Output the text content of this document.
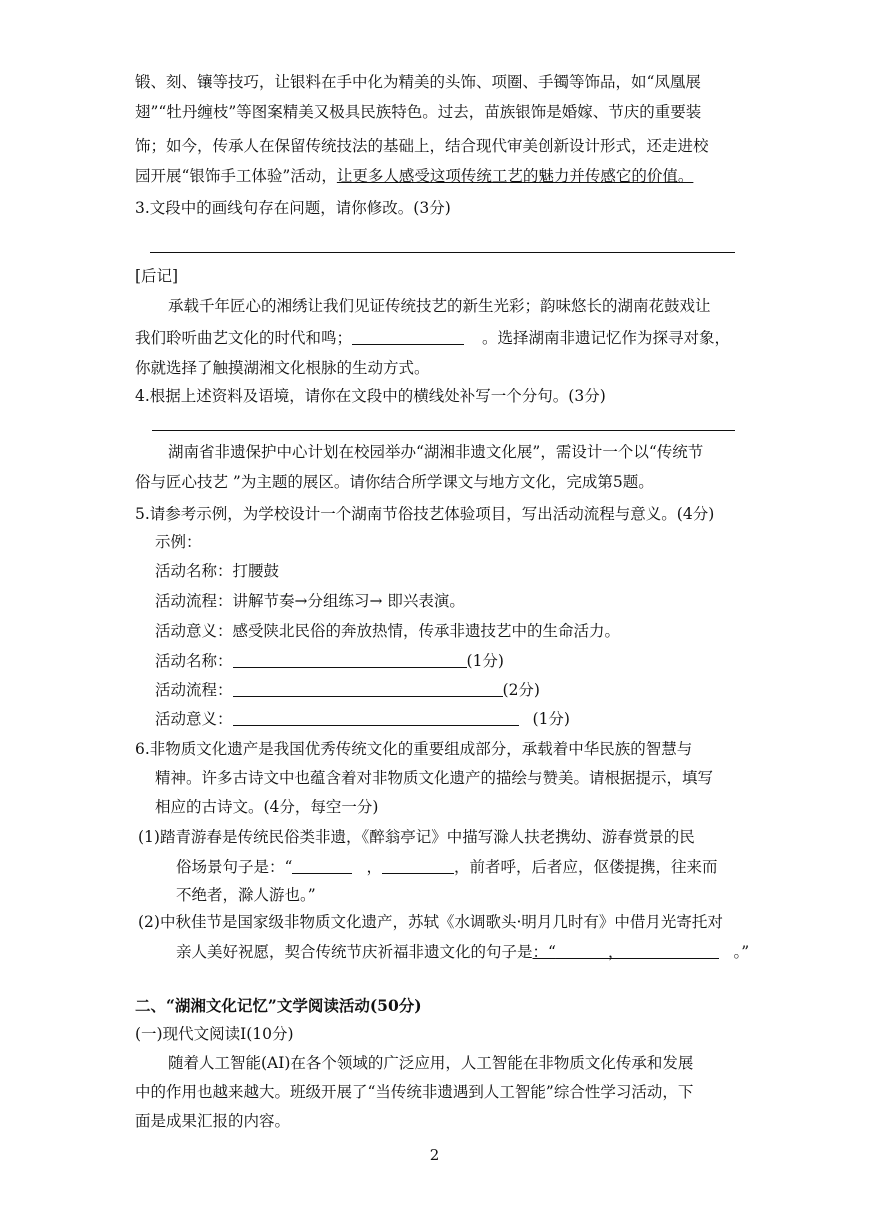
锻、刻、镶等技巧，让银料在手中化为精美的头饰、项圈、手镯等饰品，如“凤凰展
翅”“牡丹缠枝”等图案精美又极具民族特色。过去，苗族银饰是婚嫁、节庆的重要装
饰；如今，传承人在保留传统技法的基础上，结合现代审美创新设计形式，还走进校
园开展“银饰手工体验”活动，让更多人感受这项传统工艺的魅力并传感它的价值。
3.文段中的画线句存在问题，请你修改。(3分)
[后记]
承载千年匠心的湘绣让我们见证传统技艺的新生光彩；韵味悠长的湖南花鼓戏让
我们聆听曲艺文化的时代和鸣；	。选择湖南非遗记忆作为探寻对象，
你就选择了触摸湖湘文化根脉的生动方式。
4.根据上述资料及语境，请你在文段中的横线处补写一个分句。(3分)
湖南省非遗保护中心计划在校园举办“湖湘非遗文化展”，需设计一个以“传统节
俗与匠心技艺 ”为主题的展区。请你结合所学课文与地方文化，完成第5题。
5.请参考示例，为学校设计一个湖南节俗技艺体验项目，写出活动流程与意义。(4分)
示例：
活动名称：打腰鼓
活动流程：讲解节奏→分组练习→ 即兴表演。
活动意义：感受陕北民俗的奔放热情，传承非遗技艺中的生命活力。
活动名称：	(1分)
活动流程：	(2分)
活动意义：	(1分)
6.非物质文化遗产是我国优秀传统文化的重要组成部分，承载着中华民族的智慧与
精神。许多古诗文中也蕴含着对非物质文化遗产的描绘与赞美。请根据提示，填写
相应的古诗文。(4分，每空一分)
(1)踏青游春是传统民俗类非遗，《醉翁亭记》中描写滁人扶老携幼、游春赏景的民
俗场景句子是：“	，	，前者呼，后者应，伛偻提携，往来而
不绝者，滁人游也。”
(2)中秋佳节是国家级非物质文化遗产，苏轼《水调歌头·明月几时有》中借月光寄托对
亲人美好祝愿，契合传统节庆祈福非遗文化的句子是：“	，	。”
二、“湖湘文化记忆”文学阅读活动(50分)
(一)现代文阅读Ⅰ(10分)
随着人工智能(AI)在各个领域的广泛应用，人工智能在非物质文化传承和发展
中的作用也越来越大。班级开展了“当传统非遗遇到人工智能”综合性学习活动，下
面是成果汇报的内容。
2
